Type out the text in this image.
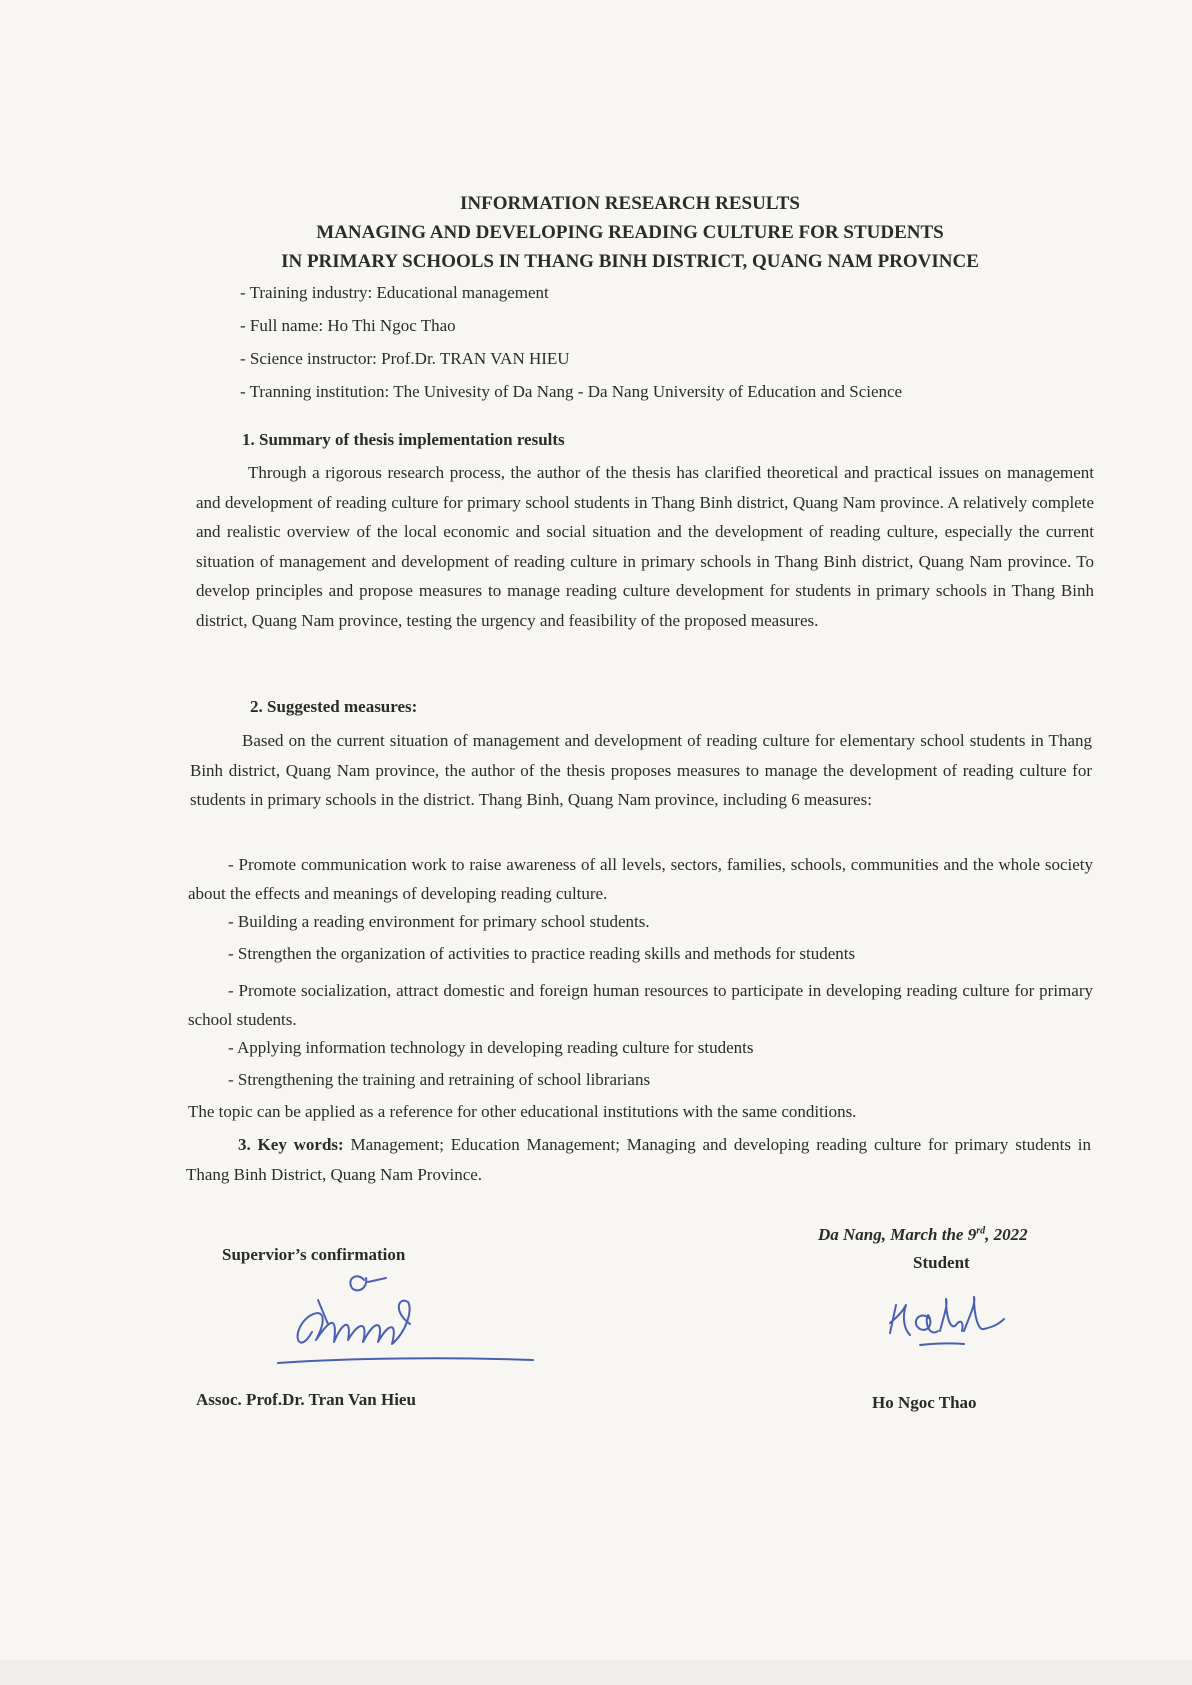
INFORMATION RESEARCH RESULTS
MANAGING AND DEVELOPING READING CULTURE FOR STUDENTS
IN PRIMARY SCHOOLS IN THANG BINH DISTRICT, QUANG NAM PROVINCE
- Training industry: Educational management
- Full name: Ho Thi Ngoc Thao
- Science instructor: Prof.Dr. TRAN VAN HIEU
- Tranning institution: The Univesity of Da Nang - Da Nang University of Education and Science
1. Summary of thesis implementation results

Through a rigorous research process, the author of the thesis has clarified theoretical and practical issues on management and development of reading culture for primary school students in Thang Binh district, Quang Nam province. A relatively complete and realistic overview of the local economic and social situation and the development of reading culture, especially the current situation of management and development of reading culture in primary schools in Thang Binh district, Quang Nam province. To develop principles and propose measures to manage reading culture development for students in primary schools in Thang Binh district, Quang Nam province, testing the urgency and feasibility of the proposed measures.

2. Suggested measures:

Based on the current situation of management and development of reading culture for elementary school students in Thang Binh district, Quang Nam province, the author of the thesis proposes measures to manage the development of reading culture for students in primary schools in the district. Thang Binh, Quang Nam province, including 6 measures:

- Promote communication work to raise awareness of all levels, sectors, families, schools, communities and the whole society about the effects and meanings of developing reading culture.

- Building a reading environment for primary school students.
- Strengthen the organization of activities to practice reading skills and methods for students

- Promote socialization, attract domestic and foreign human resources to participate in developing reading culture for primary school students.

- Applying information technology in developing reading culture for students
- Strengthening the training and retraining of school librarians
The topic can be applied as a reference for other educational institutions with the same conditions.

3. Key words: Management; Education Management; Managing and developing reading culture for primary students in Thang Binh District, Quang Nam Province.

Da Nang, March the 9rd, 2022
Supervior’s confirmation	Student
Assoc. Prof.Dr. Tran Van Hieu	Ho Ngoc Thao
